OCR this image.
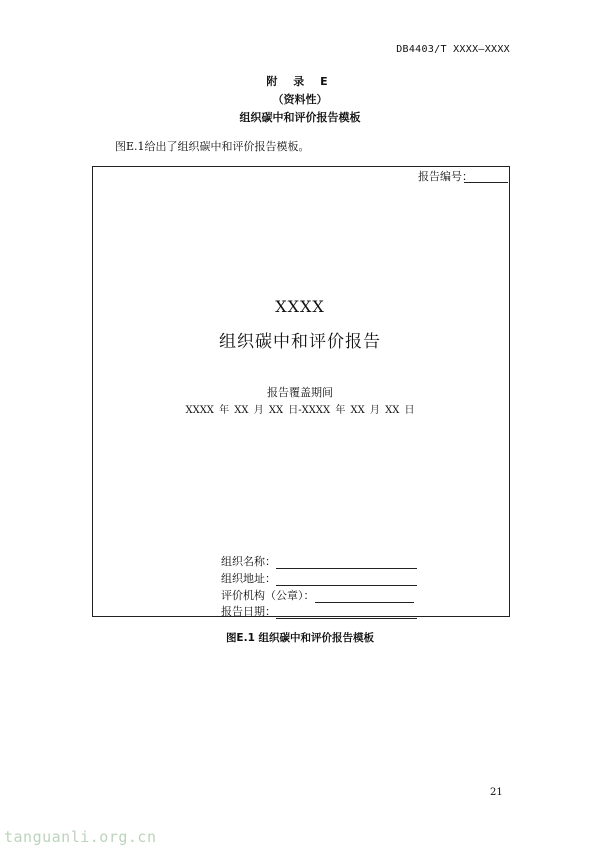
DB4403/T XXXX—XXXX
附 录 E
（资料性）
组织碳中和评价报告模板
图E.1给出了组织碳中和评价报告模板。
报告编号：
XXXX
组织碳中和评价报告
报告覆盖期间
XXXX 年 XX 月 XX 日-XXXX 年 XX 月 XX 日
组织名称：
组织地址：
评价机构（公章）：
报告日期：
图E.1 组织碳中和评价报告模板
21
tanguanli.org.cn
